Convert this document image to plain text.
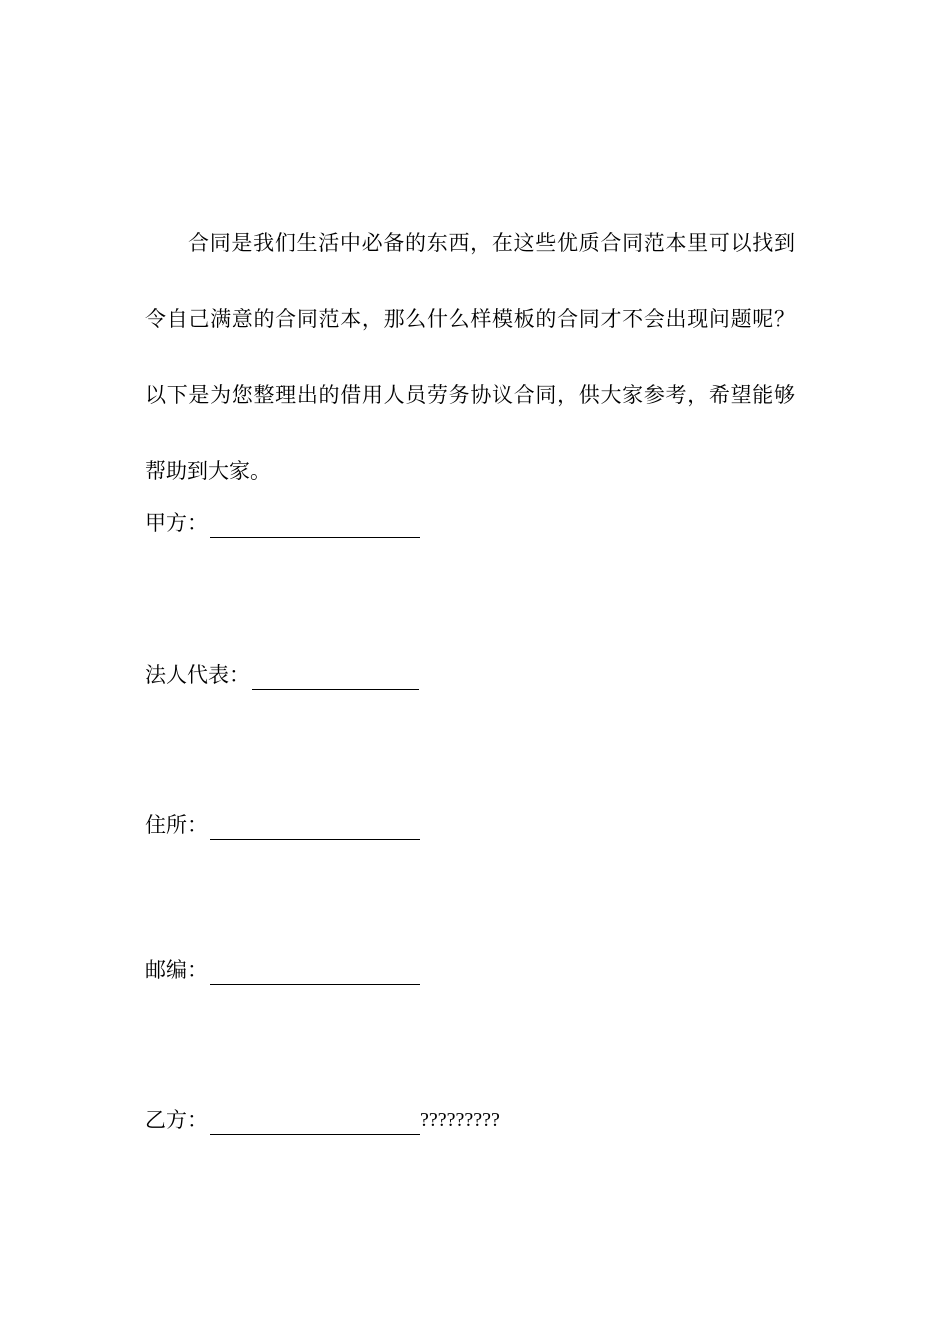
合同是我们生活中必备的东西，在这些优质合同范本里可以找到令自己满意的合同范本，那么什么样模板的合同才不会出现问题呢？以下是为您整理出的借用人员劳务协议合同，供大家参考，希望能够帮助到大家。

甲方：
法人代表：
住所：
邮编：
乙方：	?????????
